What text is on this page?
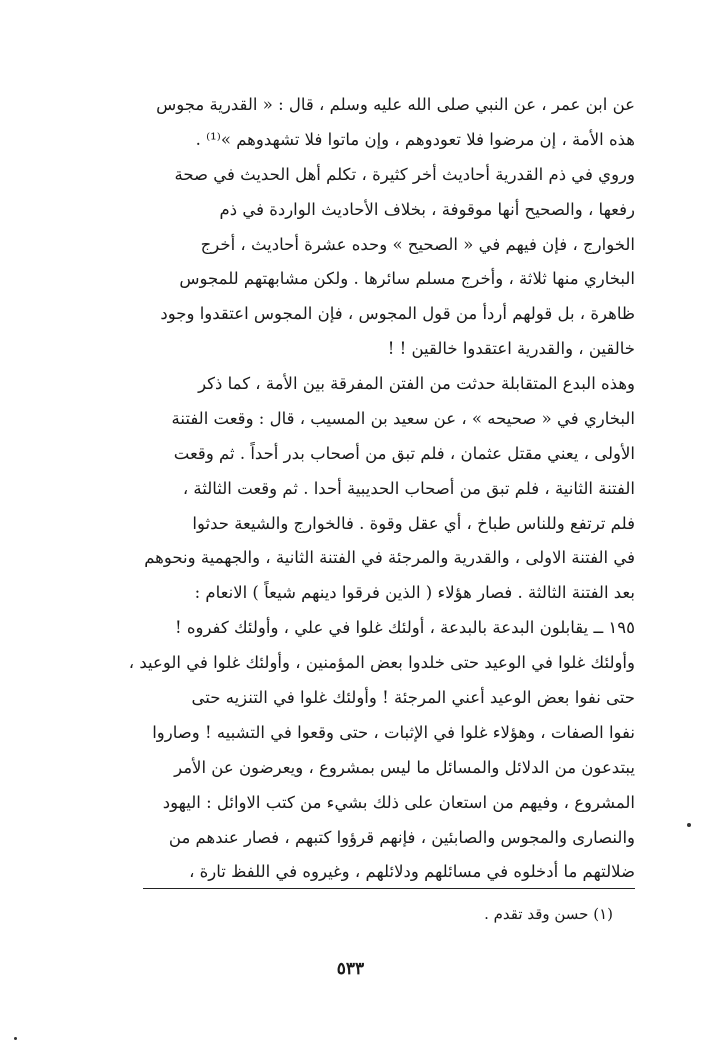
عن ابن عمر ، عن النبي صلى الله عليه وسلم ، قال : « القدرية مجوس
هذه الأمة ، إن مرضوا فلا تعودوهم ، وإن ماتوا فلا تشهدوهم »⁽¹⁾ .
وروي في ذم القدرية أحاديث أخر كثيرة ، تكلم أهل الحديث في صحة
رفعها ، والصحيح أنها موقوفة ، بخلاف الأحاديث الواردة في ذم
الخوارج ، فإن فيهم في « الصحيح » وحده عشرة أحاديث ، أخرج
البخاري منها ثلاثة ، وأخرج مسلم سائرها . ولكن مشابهتهم للمجوس
ظاهرة ، بل قولهم أردأ من قول المجوس ، فإن المجوس اعتقدوا وجود
خالقين ، والقدرية اعتقدوا خالقين ! !
وهذه البدع المتقابلة حدثت من الفتن المفرقة بين الأمة ، كما ذكر
البخاري في « صحيحه » ، عن سعيد بن المسيب ، قال : وقعت الفتنة
الأولى ، يعني مقتل عثمان ، فلم تبق من أصحاب بدر أحداً . ثم وقعت
الفتنة الثانية ، فلم تبق من أصحاب الحديبية أحدا . ثم وقعت الثالثة ،
فلم ترتفع وللناس طباخ ، أي عقل وقوة . فالخوارج والشيعة حدثوا
في الفتنة الاولى ، والقدرية والمرجئة في الفتنة الثانية ، والجهمية ونحوهم
بعد الفتنة الثالثة . فصار هؤلاء ( الذين فرقوا دينهم شيعاً ) الانعام :
١٩٥ ــ يقابلون البدعة بالبدعة ، أولئك غلوا في علي ، وأولئك كفروه !
وأولئك غلوا في الوعيد حتى خلدوا بعض المؤمنين ، وأولئك غلوا في الوعيد ،
حتى نفوا بعض الوعيد أعني المرجئة ! وأولئك غلوا في التنزيه حتى
نفوا الصفات ، وهؤلاء غلوا في الإثبات ، حتى وقعوا في التشبيه ! وصاروا
يبتدعون من الدلائل والمسائل ما ليس بمشروع ، ويعرضون عن الأمر
المشروع ، وفيهم من استعان على ذلك بشيء من كتب الاوائل : اليهود
والنصارى والمجوس والصابئين ، فإنهم قرؤوا كتبهم ، فصار عندهم من
ضلالتهم ما أدخلوه في مسائلهم ودلائلهم ، وغيروه في اللفظ تارة ،
(١) حسن وقد تقدم .
٥٣٣
